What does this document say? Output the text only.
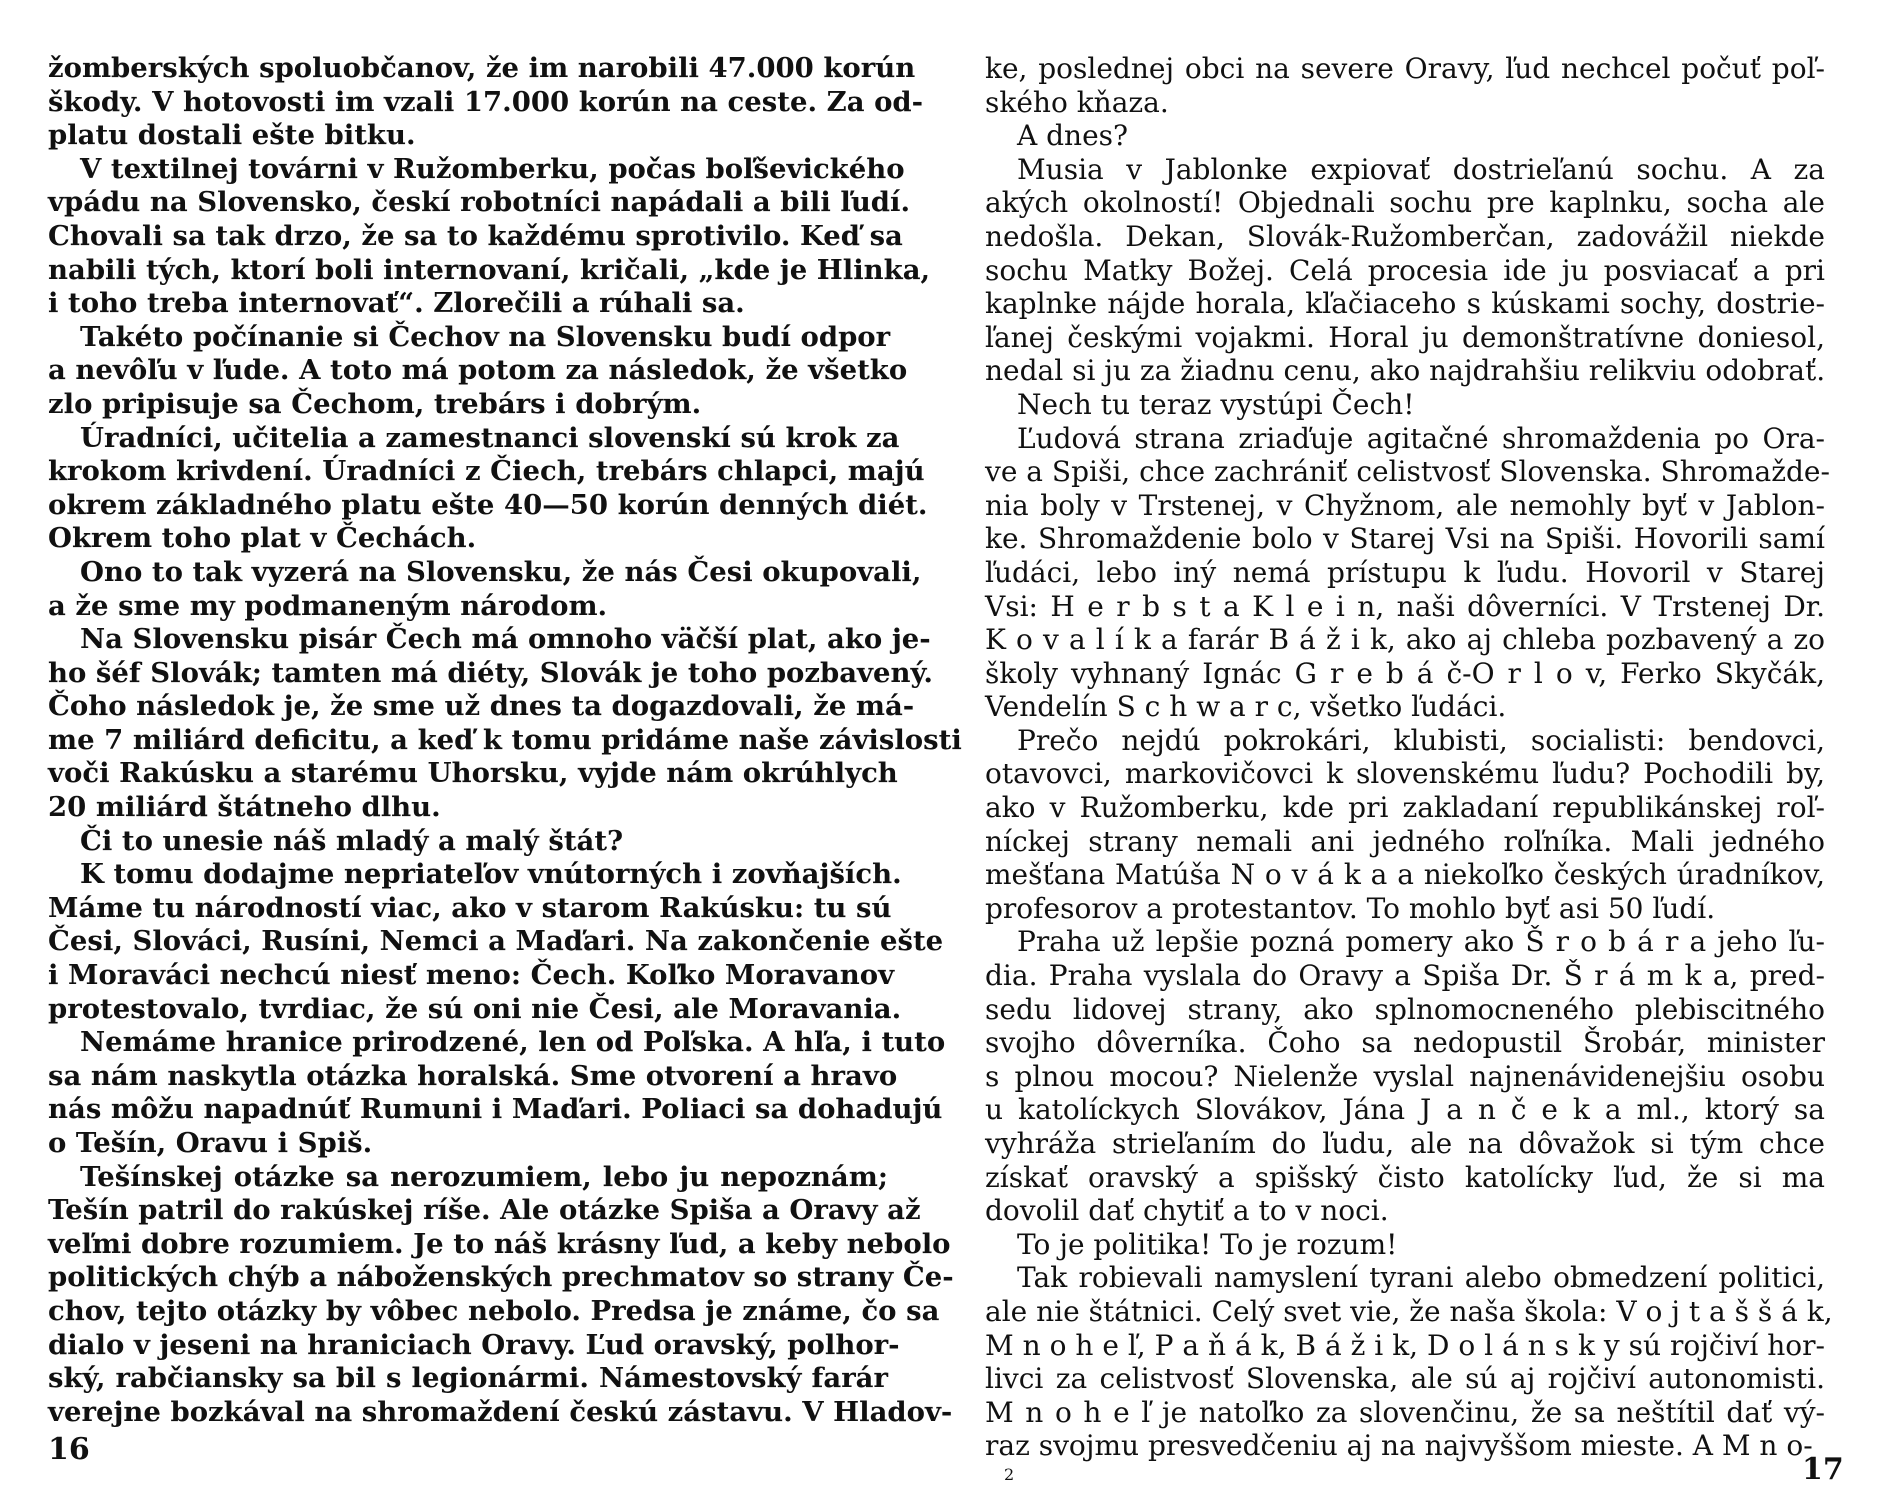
žomberských spoluobčanov, že im narobili 47.000 korún
škody. V hotovosti im vzali 17.000 korún na ceste. Za od-
platu dostali ešte bitku.
V textilnej továrni v Ružomberku, počas boľševického
vpádu na Slovensko, českí robotníci napádali a bili ľudí.
Chovali sa tak drzo, že sa to každému sprotivilo. Keď sa
nabili tých, ktorí boli internovaní, kričali, „kde je Hlinka,
i toho treba internovať“. Zlorečili a rúhali sa.
Takéto počínanie si Čechov na Slovensku budí odpor
a nevôľu v ľude. A toto má potom za následok, že všetko
zlo pripisuje sa Čechom, trebárs i dobrým.
Úradníci, učitelia a zamestnanci slovenskí sú krok za
krokom krivdení. Úradníci z Čiech, trebárs chlapci, majú
okrem základného platu ešte 40—50 korún denných diét.
Okrem toho plat v Čechách.
Ono to tak vyzerá na Slovensku, že nás Česi okupovali,
a že sme my podmaneným národom.
Na Slovensku pisár Čech má omnoho väčší plat, ako je-
ho šéf Slovák; tamten má diéty, Slovák je toho pozbavený.
Čoho následok je, že sme už dnes ta dogazdovali, že má-
me 7 miliárd deficitu, a keď k tomu pridáme naše závislosti
voči Rakúsku a starému Uhorsku, vyjde nám okrúhlych
20 miliárd štátneho dlhu.
Či to unesie náš mladý a malý štát?
K tomu dodajme nepriateľov vnútorných i zovňajších.
Máme tu národností viac, ako v starom Rakúsku: tu sú
Česi, Slováci, Rusíni, Nemci a Maďari. Na zakončenie ešte
i Moraváci nechcú niesť meno: Čech. Koľko Moravanov
protestovalo, tvrdiac, že sú oni nie Česi, ale Moravania.
Nemáme hranice prirodzené, len od Poľska. A hľa, i tuto
sa nám naskytla otázka horalská. Sme otvorení a hravo
nás môžu napadnúť Rumuni i Maďari. Poliaci sa dohadujú
o Tešín, Oravu i Spiš.
Tešínskej otázke sa nerozumiem, lebo ju nepoznám;
Tešín patril do rakúskej ríše. Ale otázke Spiša a Oravy až
veľmi dobre rozumiem. Je to náš krásny ľud, a keby nebolo
politických chýb a náboženských prechmatov so strany Če-
chov, tejto otázky by vôbec nebolo. Predsa je známe, čo sa
dialo v jeseni na hraniciach Oravy. Ľud oravský, polhor-
ský, rabčiansky sa bil s legionármi. Námestovský farár
verejne bozkával na shromaždení českú zástavu. V Hladov-
ke, poslednej obci na severe Oravy, ľud nechcel počuť poľ-
ského kňaza.
A dnes?
Musia v Jablonke expiovať dostrieľanú sochu. A za
akých okolností! Objednali sochu pre kaplnku, socha ale
nedošla. Dekan, Slovák-Ružomberčan, zadovážil niekde
sochu Matky Božej. Celá procesia ide ju posviacať a pri
kaplnke nájde horala, kľačiaceho s kúskami sochy, dostrie-
ľanej českými vojakmi. Horal ju demonštratívne doniesol,
nedal si ju za žiadnu cenu, ako najdrahšiu relikviu odobrať.
Nech tu teraz vystúpi Čech!
Ľudová strana zriaďuje agitačné shromaždenia po Ora-
ve a Spiši, chce zachrániť celistvosť Slovenska. Shromažde-
nia boly v Trstenej, v Chyžnom, ale nemohly byť v Jablon-
ke. Shromaždenie bolo v Starej Vsi na Spiši. Hovorili samí
ľudáci, lebo iný nemá prístupu k ľudu. Hovoril v Starej
Vsi: H e r b s t a K l e i n, naši dôverníci. V Trstenej Dr.
K o v a l í k a farár B á ž i k, ako aj chleba pozbavený a zo
školy vyhnaný Ignác G r e b á č-O r l o v, Ferko Skyčák,
Vendelín S c h w a r c, všetko ľudáci.
Prečo nejdú pokrokári, klubisti, socialisti: bendovci,
otavovci, markovičovci k slovenskému ľudu? Pochodili by,
ako v Ružomberku, kde pri zakladaní republikánskej roľ-
níckej strany nemali ani jedného roľníka. Mali jedného
mešťana Matúša N o v á k a a niekoľko českých úradníkov,
profesorov a protestantov. To mohlo byť asi 50 ľudí.
Praha už lepšie pozná pomery ako Š r o b á r a jeho ľu-
dia. Praha vyslala do Oravy a Spiša Dr. Š r á m k a, pred-
sedu lidovej strany, ako splnomocneného plebiscitného
svojho dôverníka. Čoho sa nedopustil Šrobár, minister
s plnou mocou? Nielenže vyslal najnenávidenejšiu osobu
u katolíckych Slovákov, Jána J a n č e k a ml., ktorý sa
vyhráža strieľaním do ľudu, ale na dôvažok si tým chce
získať oravský a spišský čisto katolícky ľud, že si ma
dovolil dať chytiť a to v noci.
To je politika! To je rozum!
Tak robievali namyslení tyrani alebo obmedzení politici,
ale nie štátnici. Celý svet vie, že naša škola: V o j t a š š á k,
M n o h e ľ, P a ň á k, B á ž i k, D o l á n s k y sú rojčiví hor-
livci za celistvosť Slovenska, ale sú aj rojčiví autonomisti.
M n o h e ľ je natoľko za slovenčinu, že sa neštítil dať vý-
raz svojmu presvedčeniu aj na najvyššom mieste. A M n o-
16
17
2
